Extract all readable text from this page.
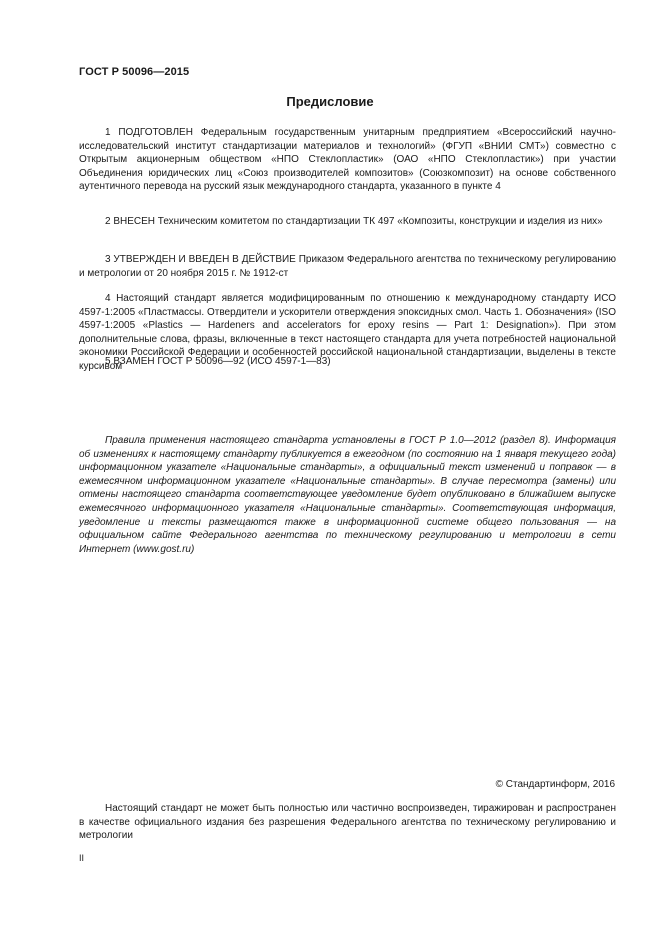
ГОСТ Р 50096—2015
Предисловие

1 ПОДГОТОВЛЕН Федеральным государственным унитарным предприятием «Всероссийский научно-исследовательский институт стандартизации материалов и технологий» (ФГУП «ВНИИ СМТ») совместно с Открытым акционерным обществом «НПО Стеклопластик» (ОАО «НПО Стеклопластик») при участии Объединения юридических лиц «Союз производителей композитов» (Союзкомпозит) на основе собственного аутентичного перевода на русский язык международного стандарта, указанного в пункте 4

2 ВНЕСЕН Техническим комитетом по стандартизации ТК 497 «Композиты, конструкции и изделия из них»

3 УТВЕРЖДЕН И ВВЕДЕН В ДЕЙСТВИЕ Приказом Федерального агентства по техническому регулированию и метрологии от 20 ноября 2015 г. № 1912-ст

4 Настоящий стандарт является модифицированным по отношению к международному стандарту ИСО 4597-1:2005 «Пластмассы. Отвердители и ускорители отверждения эпоксидных смол. Часть 1. Обозначения» (ISO 4597-1:2005 «Plastics — Hardeners and accelerators for epoxy resins — Part 1: Designation»). При этом дополнительные слова, фразы, включенные в текст настоящего стандарта для учета потребностей национальной экономики Российской Федерации и особенностей российской национальной стандартизации, выделены в тексте курсивом

5 ВЗАМЕН ГОСТ Р 50096—92 (ИСО 4597-1—83)

Правила применения настоящего стандарта установлены в ГОСТ Р 1.0—2012 (раздел 8). Информация об изменениях к настоящему стандарту публикуется в ежегодном (по состоянию на 1 января текущего года) информационном указателе «Национальные стандарты», а официальный текст изменений и поправок — в ежемесячном информационном указателе «Национальные стандарты». В случае пересмотра (замены) или отмены настоящего стандарта соответствующее уведомление будет опубликовано в ближайшем выпуске ежемесячного информационного указателя «Национальные стандарты». Соответствующая информация, уведомление и тексты размещаются также в информационной системе общего пользования — на официальном сайте Федерального агентства по техническому регулированию и метрологии в сети Интернет (www.gost.ru)
© Стандартинформ, 2016
Настоящий стандарт не может быть полностью или частично воспроизведен, тиражирован и распространен в качестве официального издания без разрешения Федерального агентства по техническому регулированию и метрологии
II
